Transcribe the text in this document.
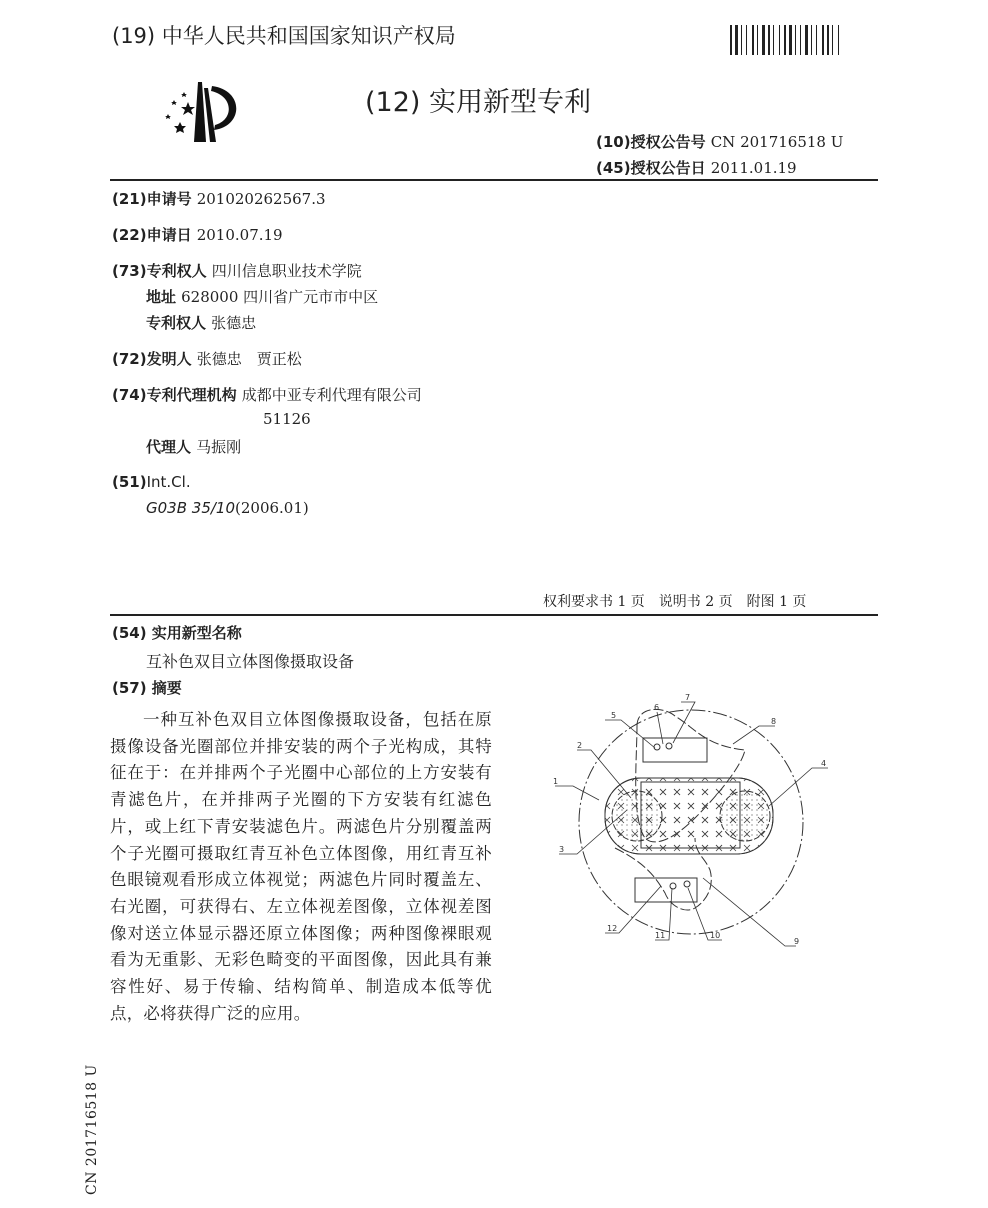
(19) 中华人民共和国国家知识产权局
(12) 实用新型专利
(10)授权公告号 CN 201716518 U
(45)授权公告日 2011.01.19
(21)申请号 201020262567.3
(22)申请日 2010.07.19
(73)专利权人 四川信息职业技术学院
地址 628000 四川省广元市市中区
专利权人 张德忠
(72)发明人 张德忠　贾正松
(74)专利代理机构 成都中亚专利代理有限公司
51126
代理人 马振刚
(51)Int.Cl.
G03B 35/10(2006.01)
权利要求书 1 页　说明书 2 页　附图 1 页
(54) 实用新型名称
互补色双目立体图像摄取设备
(57) 摘要

一种互补色双目立体图像摄取设备，包括在原摄像设备光圈部位并排安装的两个子光构成，其特征在于：在并排两个子光圈中心部位的上方安装有青滤色片，在并排两子光圈的下方安装有红滤色片，或上红下青安装滤色片。两滤色片分别覆盖两个子光圈可摄取红青互补色立体图像，用红青互补色眼镜观看形成立体视觉；两滤色片同时覆盖左、右光圈，可获得右、左立体视差图像，立体视差图像对送立体显示器还原立体图像；两种图像裸眼观看为无重影、无彩色畸变的平面图像，因此具有兼容性好、易于传输、结构简单、制造成本低等优点，必将获得广泛的应用。

1
2
3
4
5
6
7
8
9
10
11
12
CN 201716518 U
